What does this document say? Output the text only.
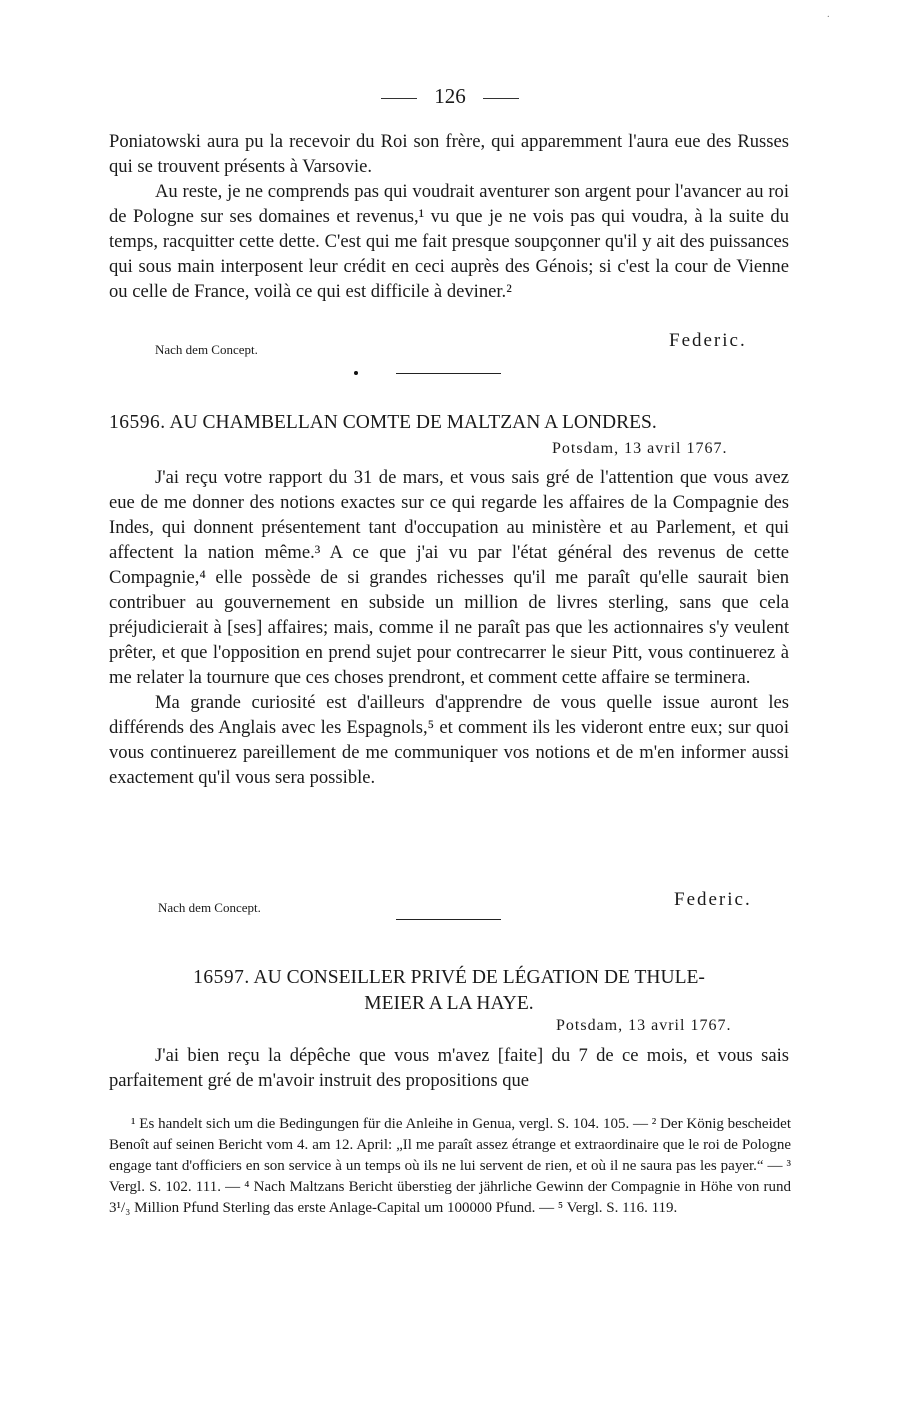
·
126

Poniatowski aura pu la recevoir du Roi son frère, qui apparemment l'aura eue des Russes qui se trouvent présents à Varsovie.

Au reste, je ne comprends pas qui voudrait aventurer son argent pour l'avancer au roi de Pologne sur ses domaines et revenus,¹ vu que je ne vois pas qui voudra, à la suite du temps, racquitter cette dette. C'est qui me fait presque soupçonner qu'il y ait des puissances qui sous main interposent leur crédit en ceci auprès des Génois; si c'est la cour de Vienne ou celle de France, voilà ce qui est difficile à deviner.²

Nach dem Concept.	Federic.
16596. AU CHAMBELLAN COMTE DE MALTZAN A LONDRES.
Potsdam, 13 avril 1767.

J'ai reçu votre rapport du 31 de mars, et vous sais gré de l'attention que vous avez eue de me donner des notions exactes sur ce qui regarde les affaires de la Compagnie des Indes, qui donnent présentement tant d'occupation au ministère et au Parlement, et qui affectent la nation même.³ A ce que j'ai vu par l'état général des revenus de cette Compagnie,⁴ elle possède de si grandes richesses qu'il me paraît qu'elle saurait bien contribuer au gouvernement en subside un million de livres sterling, sans que cela préjudicierait à [ses] affaires; mais, comme il ne paraît pas que les actionnaires s'y veulent prêter, et que l'opposition en prend sujet pour contrecarrer le sieur Pitt, vous continuerez à me relater la tournure que ces choses prendront, et comment cette affaire se terminera.

Ma grande curiosité est d'ailleurs d'apprendre de vous quelle issue auront les différends des Anglais avec les Espagnols,⁵ et comment ils les videront entre eux; sur quoi vous continuerez pareillement de me communiquer vos notions et de m'en informer aussi exactement qu'il vous sera possible.

Nach dem Concept.	Federic.
16597. AU CONSEILLER PRIVÉ DE LÉGATION DE THULE-
MEIER A LA HAYE.
Potsdam, 13 avril 1767.

J'ai bien reçu la dépêche que vous m'avez [faite] du 7 de ce mois, et vous sais parfaitement gré de m'avoir instruit des propositions que

¹ Es handelt sich um die Bedingungen für die Anleihe in Genua, vergl. S. 104. 105. — ² Der König bescheidet Benoît auf seinen Bericht vom 4. am 12. April: „Il me paraît assez étrange et extraordinaire que le roi de Pologne engage tant d'officiers en son service à un temps où ils ne lui servent de rien, et où il ne saura pas les payer.“ — ³ Vergl. S. 102. 111. — ⁴ Nach Maltzans Bericht überstieg der jährliche Gewinn der Compagnie in Höhe von rund 3¹/₃ Million Pfund Sterling das erste Anlage-Capital um 100000 Pfund. — ⁵ Vergl. S. 116. 119.
